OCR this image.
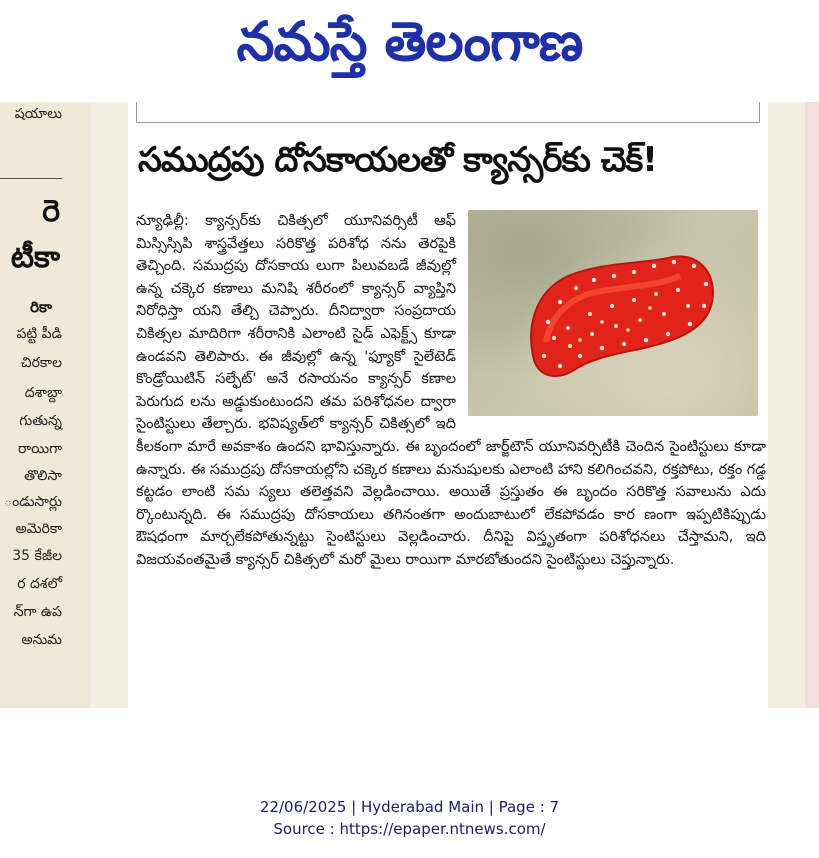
నమస్తే తెలంగాణ
షయాలు
రె
టీకా
రికా
పట్టి పీడి
చిరకాల
దశాబ్దా
గుతున్న
రాయిగా
తొలిసా
ండుసార్లు
అమెరికా
35 కేజీల
ర దశలో
న్‌గా ఉప
అనుమ
సముద్రపు దోసకాయలతో క్యాన్సర్‌కు చెక్!
న్యూఢిల్లీ: క్యాన్సర్‌కు చికిత్సలో యూనివర్సిటీ ఆఫ్ మిస్సిస్సిపి శాస్త్రవేత్తలు సరికొత్త పరిశోధ నను తెరపైకి తెచ్చింది. సముద్రపు దోసకాయ లుగా పిలువబడే జీవుల్లో ఉన్న చక్కెర కణాలు మనిషి శరీరంలో క్యాన్సర్ వ్యాప్తిని నిరోధిస్తా యని తేల్చి చెప్పారు. దీనిద్వారా సంప్రదాయ చికిత్సల మాదిరిగా శరీరానికి ఎలాంటి సైడ్ ఎఫెక్ట్స్ కూడా ఉండవని తెలిపారు. ఈ జీవుల్లో ఉన్న 'ఫ్యూకో సైలేటెడ్ కొండ్రోయిటిన్ సల్ఫేట్' అనే రసాయనం క్యాన్సర్ కణాల పెరుగుద లను అడ్డుకుంటుందని తమ పరిశోధనల ద్వారా సైంటిస్టులు తేల్చారు. భవిష్యత్‌లో క్యాన్సర్ చికిత్సలో ఇది కీలకంగా మారే అవకాశం ఉందని భావిస్తున్నారు. ఈ బృందంలో జార్జ్‌టౌన్ యూనివర్సిటీకి చెందిన సైంటిస్టులు కూడా ఉన్నారు. ఈ సముద్రపు దోసకాయల్లోని చక్కెర కణాలు మనుషులకు ఎలాంటి హాని కలిగించవని, రక్తపోటు, రక్తం గడ్డ కట్టడం లాంటి సమ స్యలు తలెత్తవని వెల్లడించాయి. అయితే ప్రస్తుతం ఈ బృందం సరికొత్త సవాలును ఎదు ర్కొంటున్నది. ఈ సముద్రపు దోసకాయలు తగినంతగా అందుబాటులో లేకపోవడం కార ణంగా ఇప్పటికిప్పుడు ఔషధంగా మార్చలేకపోతున్నట్టు సైంటిస్టులు వెల్లడించారు. దీనిపై విస్తృతంగా పరిశోధనలు చేస్తామని, ఇది విజయవంతమైతే క్యాన్సర్ చికిత్సలో మరో మైలు రాయిగా మారబోతుందని సైంటిస్టులు చెప్తున్నారు.
22/06/2025 | Hyderabad Main | Page : 7
Source : https://epaper.ntnews.com/
